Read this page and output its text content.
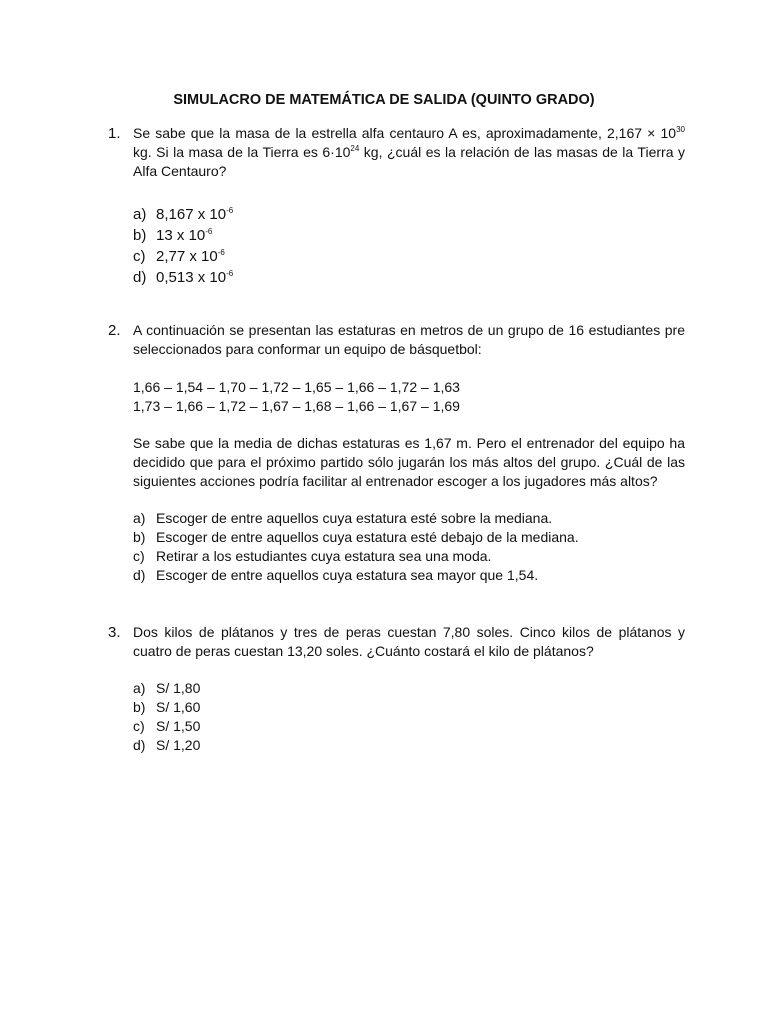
SIMULACRO DE MATEMÁTICA DE SALIDA (QUINTO GRADO)
1. Se sabe que la masa de la estrella alfa centauro A es, aproximadamente, $2,167 \times 10^{30}$ kg. Si la masa de la Tierra es $6\cdot 10^{24}$ kg, ¿cuál es la relación de las masas de la Tierra y Alfa Centauro?

a) 8,167 x $10^{-6}$
b) 13 x $10^{-6}$
c) 2,77 x $10^{-6}$
d) 0,513 x $10^{-6}$
2. A continuación se presentan las estaturas en metros de un grupo de 16 estudiantes pre seleccionados para conformar un equipo de básquetbol:

1,66 – 1,54 – 1,70 – 1,72 – 1,65 – 1,66 – 1,72 – 1,63
1,73 – 1,66 – 1,72 – 1,67 – 1,68 – 1,66 – 1,67 – 1,69

Se sabe que la media de dichas estaturas es 1,67 m. Pero el entrenador del equipo ha decidido que para el próximo partido sólo jugarán los más altos del grupo. ¿Cuál de las siguientes acciones podría facilitar al entrenador escoger a los jugadores más altos?

a) Escoger de entre aquellos cuya estatura esté sobre la mediana.
b) Escoger de entre aquellos cuya estatura esté debajo de la mediana.
c) Retirar a los estudiantes cuya estatura sea una moda.
d) Escoger de entre aquellos cuya estatura sea mayor que 1,54.
3. Dos kilos de plátanos y tres de peras cuestan 7,80 soles. Cinco kilos de plátanos y cuatro de peras cuestan 13,20 soles. ¿Cuánto costará el kilo de plátanos?

a) S/ 1,80
b) S/ 1,60
c) S/ 1,50
d) S/ 1,20
